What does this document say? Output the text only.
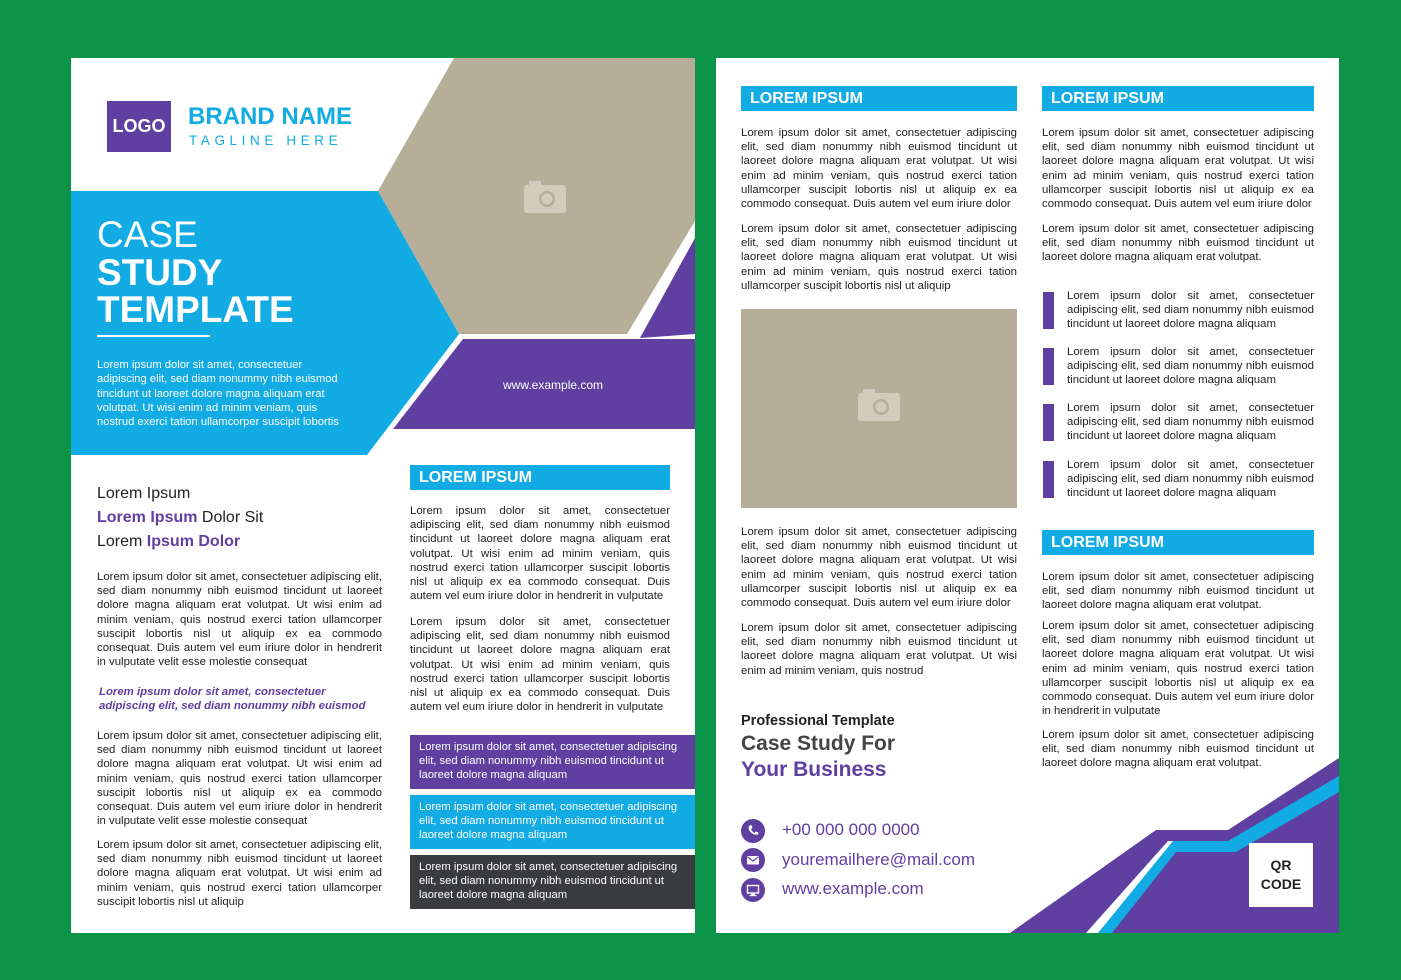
LOGO BRAND NAME
TAGLINE HERE
CASE
STUDY
TEMPLATE
Lorem ipsum dolor sit amet, consectetuer adipiscing elit, sed diam nonummy nibh euismod tincidunt ut laoreet dolore magna aliquam erat volutpat. Ut wisi enim ad minim veniam, quis nostrud exerci tation ullamcorper suscipit lobortis
www.example.com
Lorem Ipsum
Lorem Ipsum Dolor Sit
Lorem Ipsum Dolor
Lorem ipsum dolor sit amet, consectetuer adipiscing elit, sed diam nonummy nibh euismod tincidunt ut laoreet dolore magna aliquam erat volutpat. Ut wisi enim ad minim veniam, quis nostrud exerci tation ullamcorper suscipit lobortis nisl ut aliquip ex ea commodo consequat. Duis autem vel eum iriure dolor in hendrerit in vulputate velit esse molestie consequat
Lorem ipsum dolor sit amet, consectetuer adipiscing elit, sed diam nonummy nibh euismod
Lorem ipsum dolor sit amet, consectetuer adipiscing elit, sed diam nonummy nibh euismod tincidunt ut laoreet dolore magna aliquam erat volutpat. Ut wisi enim ad minim veniam, quis nostrud exerci tation ullamcorper suscipit lobortis nisl ut aliquip ex ea commodo consequat. Duis autem vel eum iriure dolor in hendrerit in vulputate velit esse molestie consequat
Lorem ipsum dolor sit amet, consectetuer adipiscing elit, sed diam nonummy nibh euismod tincidunt ut laoreet dolore magna aliquam erat volutpat. Ut wisi enim ad minim veniam, quis nostrud exerci tation ullamcorper suscipit lobortis nisl ut aliquip
LOREM IPSUM
Lorem ipsum dolor sit amet, consectetuer adipiscing elit, sed diam nonummy nibh euismod tincidunt ut laoreet dolore magna aliquam erat volutpat. Ut wisi enim ad minim veniam, quis nostrud exerci tation ullamcorper suscipit lobortis nisl ut aliquip ex ea commodo consequat. Duis autem vel eum iriure dolor in hendrerit in vulputate
Lorem ipsum dolor sit amet, consectetuer adipiscing elit, sed diam nonummy nibh euismod tincidunt ut laoreet dolore magna aliquam erat volutpat. Ut wisi enim ad minim veniam, quis nostrud exerci tation ullamcorper suscipit lobortis nisl ut aliquip ex ea commodo consequat. Duis autem vel eum iriure dolor in hendrerit in vulputate
Lorem ipsum dolor sit amet, consectetuer adipiscing elit, sed diam nonummy nibh euismod tincidunt ut laoreet dolore magna aliquam
Lorem ipsum dolor sit amet, consectetuer adipiscing elit, sed diam nonummy nibh euismod tincidunt ut laoreet dolore magna aliquam
Lorem ipsum dolor sit amet, consectetuer adipiscing elit, sed diam nonummy nibh euismod tincidunt ut laoreet dolore magna aliquam
LOREM IPSUM
Lorem ipsum dolor sit amet, consectetuer adipiscing elit, sed diam nonummy nibh euismod tincidunt ut laoreet dolore magna aliquam erat volutpat. Ut wisi enim ad minim veniam, quis nostrud exerci tation ullamcorper suscipit lobortis nisl ut aliquip ex ea commodo consequat. Duis autem vel eum iriure dolor
Lorem ipsum dolor sit amet, consectetuer adipiscing elit, sed diam nonummy nibh euismod tincidunt ut laoreet dolore magna aliquam erat volutpat. Ut wisi enim ad minim veniam, quis nostrud exerci tation ullamcorper suscipit lobortis nisl ut aliquip
Lorem ipsum dolor sit amet, consectetuer adipiscing elit, sed diam nonummy nibh euismod tincidunt ut laoreet dolore magna aliquam erat volutpat. Ut wisi enim ad minim veniam, quis nostrud exerci tation ullamcorper suscipit lobortis nisl ut aliquip ex ea commodo consequat. Duis autem vel eum iriure dolor
Lorem ipsum dolor sit amet, consectetuer adipiscing elit, sed diam nonummy nibh euismod tincidunt ut laoreet dolore magna aliquam erat volutpat. Ut wisi enim ad minim veniam, quis nostrud
Professional Template
Case Study For
Your Business
+00 000 000 0000
youremailhere@mail.com
www.example.com
LOREM IPSUM
Lorem ipsum dolor sit amet, consectetuer adipiscing elit, sed diam nonummy nibh euismod tincidunt ut laoreet dolore magna aliquam erat volutpat. Ut wisi enim ad minim veniam, quis nostrud exerci tation ullamcorper suscipit lobortis nisl ut aliquip ex ea commodo consequat. Duis autem vel eum iriure dolor
Lorem ipsum dolor sit amet, consectetuer adipiscing elit, sed diam nonummy nibh euismod tincidunt ut laoreet dolore magna aliquam erat volutpat.
Lorem ipsum dolor sit amet, consectetuer adipiscing elit, sed diam nonummy nibh euismod tincidunt ut laoreet dolore magna aliquam
Lorem ipsum dolor sit amet, consectetuer adipiscing elit, sed diam nonummy nibh euismod tincidunt ut laoreet dolore magna aliquam
Lorem ipsum dolor sit amet, consectetuer adipiscing elit, sed diam nonummy nibh euismod tincidunt ut laoreet dolore magna aliquam
Lorem ipsum dolor sit amet, consectetuer adipiscing elit, sed diam nonummy nibh euismod tincidunt ut laoreet dolore magna aliquam
LOREM IPSUM
Lorem ipsum dolor sit amet, consectetuer adipiscing elit, sed diam nonummy nibh euismod tincidunt ut laoreet dolore magna aliquam erat volutpat.
Lorem ipsum dolor sit amet, consectetuer adipiscing elit, sed diam nonummy nibh euismod tincidunt ut laoreet dolore magna aliquam erat volutpat. Ut wisi enim ad minim veniam, quis nostrud exerci tation ullamcorper suscipit lobortis nisl ut aliquip ex ea commodo consequat. Duis autem vel eum iriure dolor in hendrerit in vulputate
Lorem ipsum dolor sit amet, consectetuer adipiscing elit, sed diam nonummy nibh euismod tincidunt ut laoreet dolore magna aliquam erat volutpat.
QR
CODE
